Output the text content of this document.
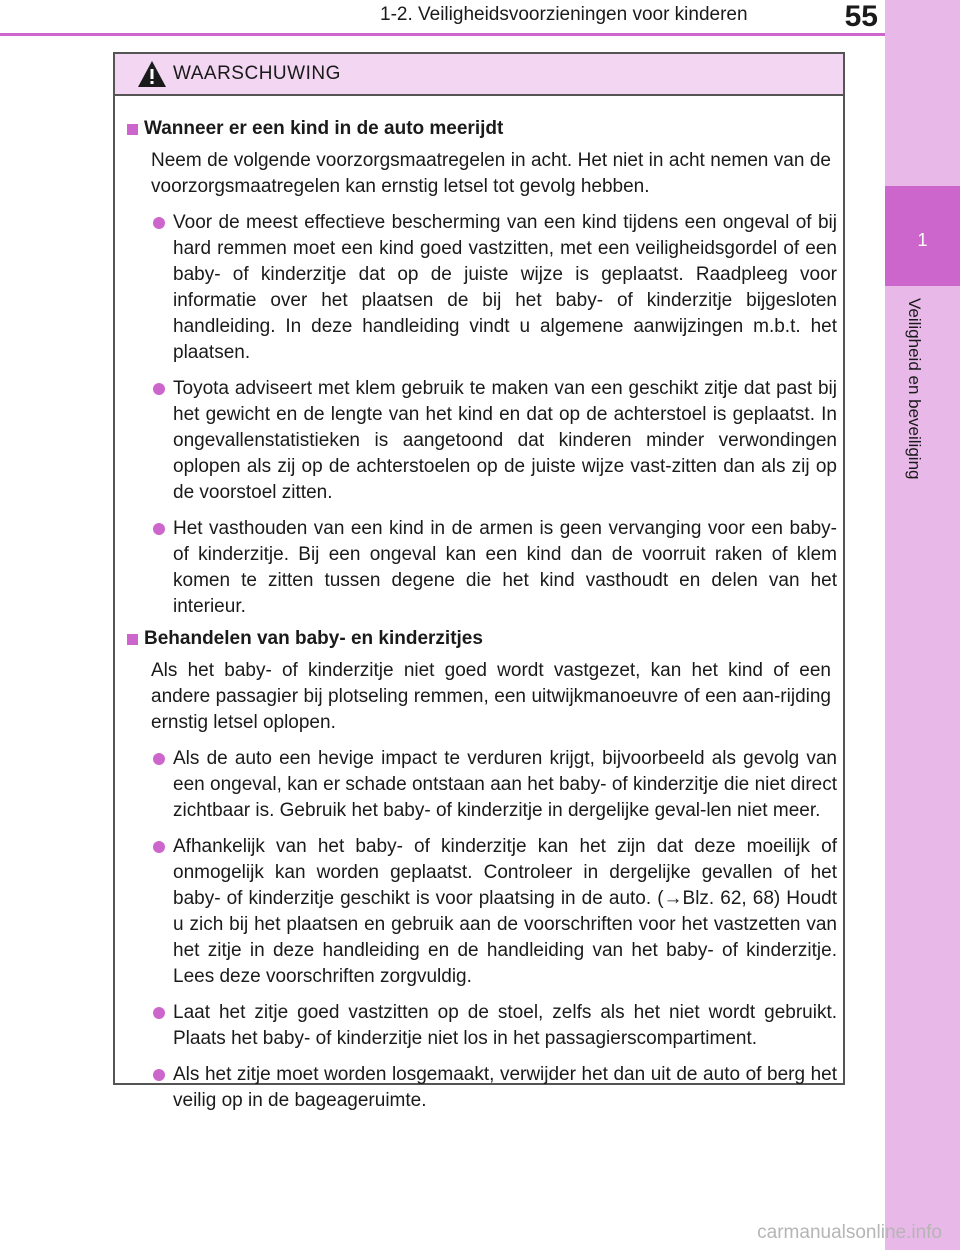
1-2. Veiligheidsvoorzieningen voor kinderen	55
1
Veiligheid en beveiliging
WAARSCHUWING
Wanneer er een kind in de auto meerijdt
Neem de volgende voorzorgsmaatregelen in acht. Het niet in acht nemen van de voorzorgsmaatregelen kan ernstig letsel tot gevolg hebben.
Voor de meest effectieve bescherming van een kind tijdens een ongeval of bij hard remmen moet een kind goed vastzitten, met een veiligheidsgordel of een baby- of kinderzitje dat op de juiste wijze is geplaatst. Raadpleeg voor informatie over het plaatsen de bij het baby- of kinderzitje bijgesloten handleiding. In deze handleiding vindt u algemene aanwijzingen m.b.t. het plaatsen.
Toyota adviseert met klem gebruik te maken van een geschikt zitje dat past bij het gewicht en de lengte van het kind en dat op de achterstoel is geplaatst. In ongevallenstatistieken is aangetoond dat kinderen minder verwondingen oplopen als zij op de achterstoelen op de juiste wijze vast-zitten dan als zij op de voorstoel zitten.
Het vasthouden van een kind in de armen is geen vervanging voor een baby- of kinderzitje. Bij een ongeval kan een kind dan de voorruit raken of klem komen te zitten tussen degene die het kind vasthoudt en delen van het interieur.
Behandelen van baby- en kinderzitjes
Als het baby- of kinderzitje niet goed wordt vastgezet, kan het kind of een andere passagier bij plotseling remmen, een uitwijkmanoeuvre of een aan-rijding ernstig letsel oplopen.
Als de auto een hevige impact te verduren krijgt, bijvoorbeeld als gevolg van een ongeval, kan er schade ontstaan aan het baby- of kinderzitje die niet direct zichtbaar is. Gebruik het baby- of kinderzitje in dergelijke geval-len niet meer.
Afhankelijk van het baby- of kinderzitje kan het zijn dat deze moeilijk of onmogelijk kan worden geplaatst. Controleer in dergelijke gevallen of het baby- of kinderzitje geschikt is voor plaatsing in de auto. (→Blz. 62, 68) Houdt u zich bij het plaatsen en gebruik aan de voorschriften voor het vastzetten van het zitje in deze handleiding en de handleiding van het baby- of kinderzitje. Lees deze voorschriften zorgvuldig.
Laat het zitje goed vastzitten op de stoel, zelfs als het niet wordt gebruikt. Plaats het baby- of kinderzitje niet los in het passagierscompartiment.
Als het zitje moet worden losgemaakt, verwijder het dan uit de auto of berg het veilig op in de bageageruimte.
carmanualsonline.info
